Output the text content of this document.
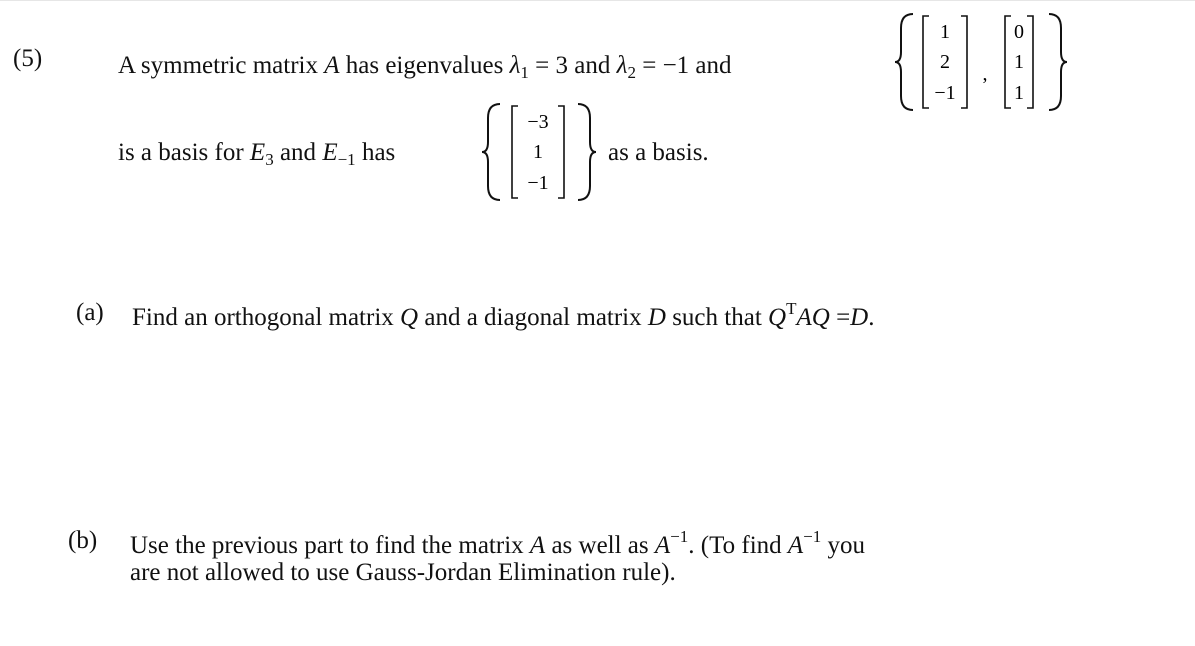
(5)	A symmetric matrix A has eigenvalues $\lambda_1 = 3$ and $\lambda_2 = -1$ and
1
2
−1
,
0
1
1
is a basis for $E_3$ and $E_{-1}$ has
−3
1
−1
as a basis.
(a) Find an orthogonal matrix Q and a diagonal matrix D such that $Q^TAQ =D$.
(b) Use the previous part to find the matrix A as well as $A^{-1}$. (To find $A^{-1}$ you
are not allowed to use Gauss-Jordan Elimination rule).
